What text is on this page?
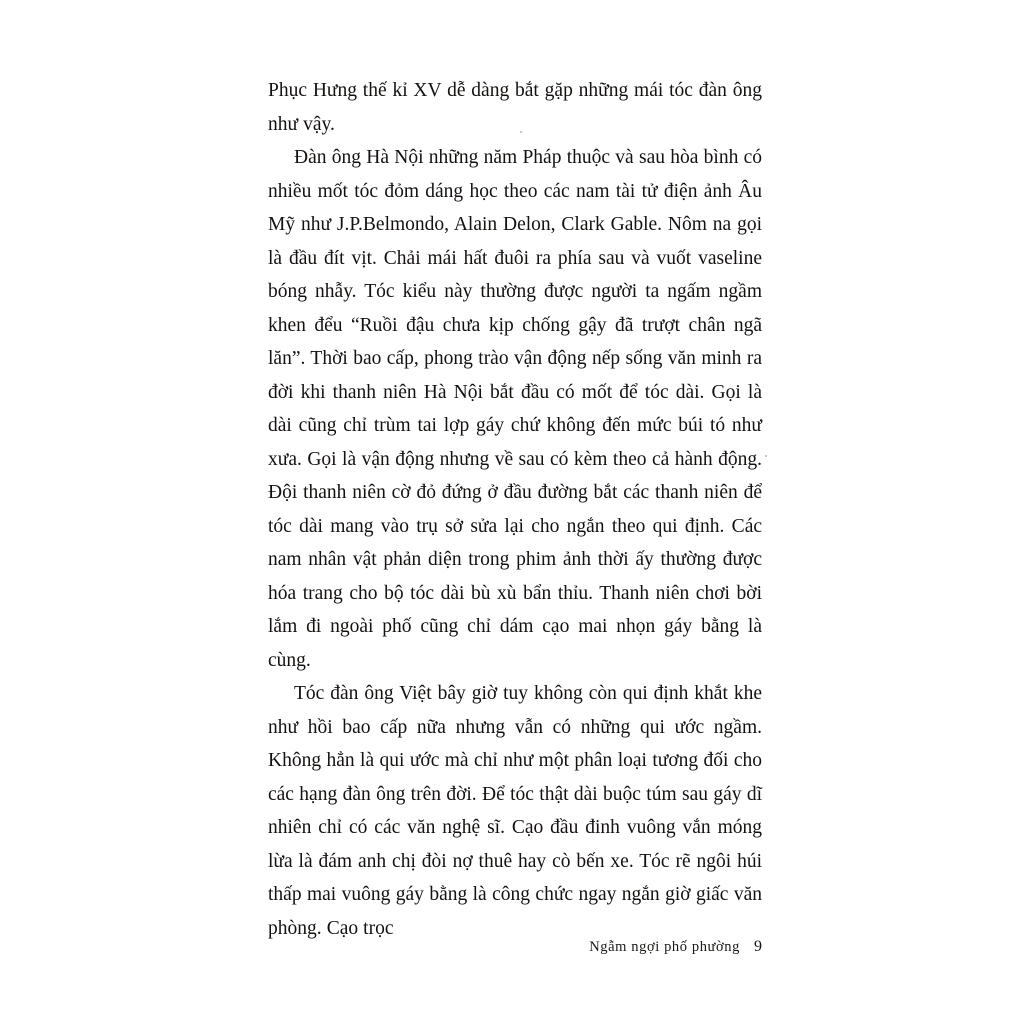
Phục Hưng thế kỉ XV dễ dàng bắt gặp những mái tóc đàn ông như vậy.

Đàn ông Hà Nội những năm Pháp thuộc và sau hòa bình có nhiều mốt tóc đỏm dáng học theo các nam tài tử điện ảnh Âu Mỹ như J.P.Belmondo, Alain Delon, Clark Gable. Nôm na gọi là đầu đít vịt. Chải mái hất đuôi ra phía sau và vuốt vaseline bóng nhẫy. Tóc kiểu này thường được người ta ngấm ngầm khen đểu “Ruồi đậu chưa kịp chống gậy đã trượt chân ngã lăn”. Thời bao cấp, phong trào vận động nếp sống văn minh ra đời khi thanh niên Hà Nội bắt đầu có mốt để tóc dài. Gọi là dài cũng chỉ trùm tai lợp gáy chứ không đến mức búi tó như xưa. Gọi là vận động nhưng về sau có kèm theo cả hành động. Đội thanh niên cờ đỏ đứng ở đầu đường bắt các thanh niên để tóc dài mang vào trụ sở sửa lại cho ngắn theo qui định. Các nam nhân vật phản diện trong phim ảnh thời ấy thường được hóa trang cho bộ tóc dài bù xù bẩn thỉu. Thanh niên chơi bời lắm đi ngoài phố cũng chỉ dám cạo mai nhọn gáy bằng là cùng.

Tóc đàn ông Việt bây giờ tuy không còn qui định khắt khe như hồi bao cấp nữa nhưng vẫn có những qui ước ngầm. Không hẳn là qui ước mà chỉ như một phân loại tương đối cho các hạng đàn ông trên đời. Để tóc thật dài buộc túm sau gáy dĩ nhiên chỉ có các văn nghệ sĩ. Cạo đầu đinh vuông vắn móng lừa là đám anh chị đòi nợ thuê hay cò bến xe. Tóc rẽ ngôi húi thấp mai vuông gáy bằng là công chức ngay ngắn giờ giấc văn phòng. Cạo trọc

Ngẫm ngợi phố phường 9
